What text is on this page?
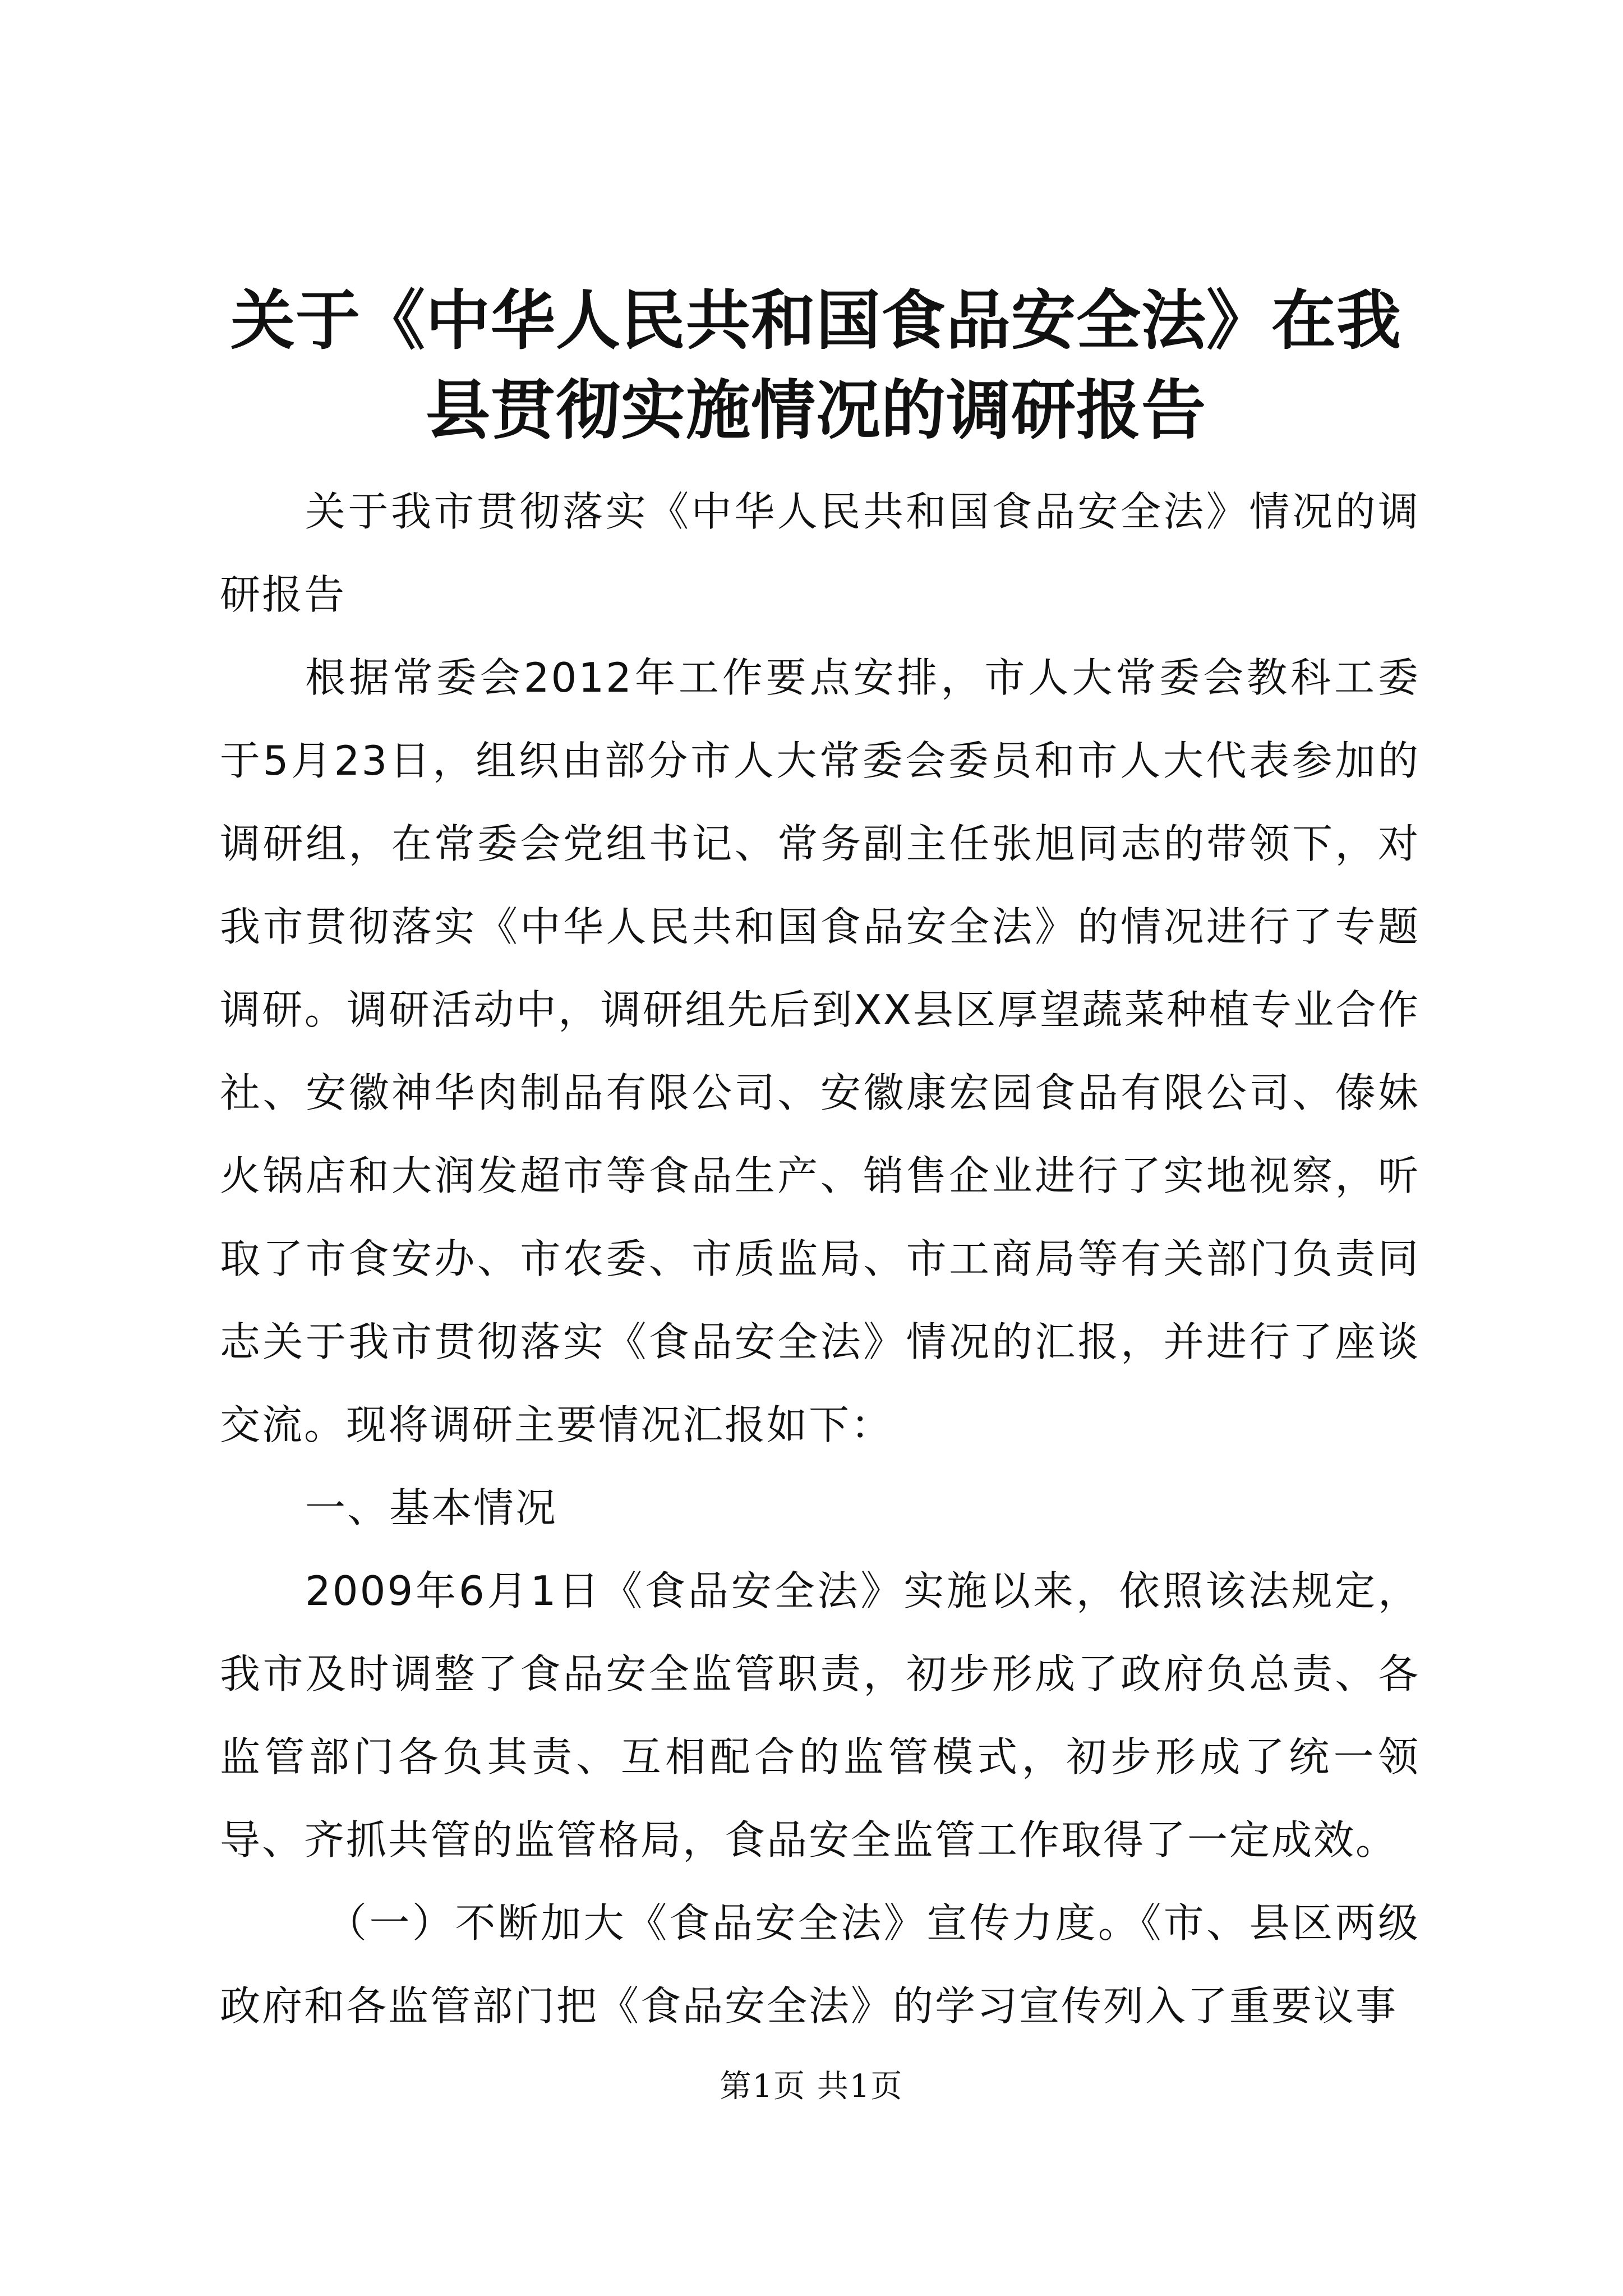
关于《中华人民共和国食品安全法》在我县贯彻实施情况的调研报告

关于我市贯彻落实《中华人民共和国食品安全法》情况的调研报告

根据常委会2012年工作要点安排，市人大常委会教科工委于5月23日，组织由部分市人大常委会委员和市人大代表参加的调研组，在常委会党组书记、常务副主任张旭同志的带领下，对我市贯彻落实《中华人民共和国食品安全法》的情况进行了专题调研。调研活动中，调研组先后到XX县区厚望蔬菜种植专业合作社、安徽神华肉制品有限公司、安徽康宏园食品有限公司、傣妹火锅店和大润发超市等食品生产、销售企业进行了实地视察，听取了市食安办、市农委、市质监局、市工商局等有关部门负责同志关于我市贯彻落实《食品安全法》情况的汇报，并进行了座谈交流。现将调研主要情况汇报如下：

一、基本情况

2009年6月1日《食品安全法》实施以来，依照该法规定，我市及时调整了食品安全监管职责，初步形成了政府负总责、各监管部门各负其责、互相配合的监管模式，初步形成了统一领导、齐抓共管的监管格局，食品安全监管工作取得了一定成效。

（一）不断加大《食品安全法》宣传力度。《市、县区两级政府和各监管部门把《食品安全法》的学习宣传列入了重要议事

第1页 共1页
